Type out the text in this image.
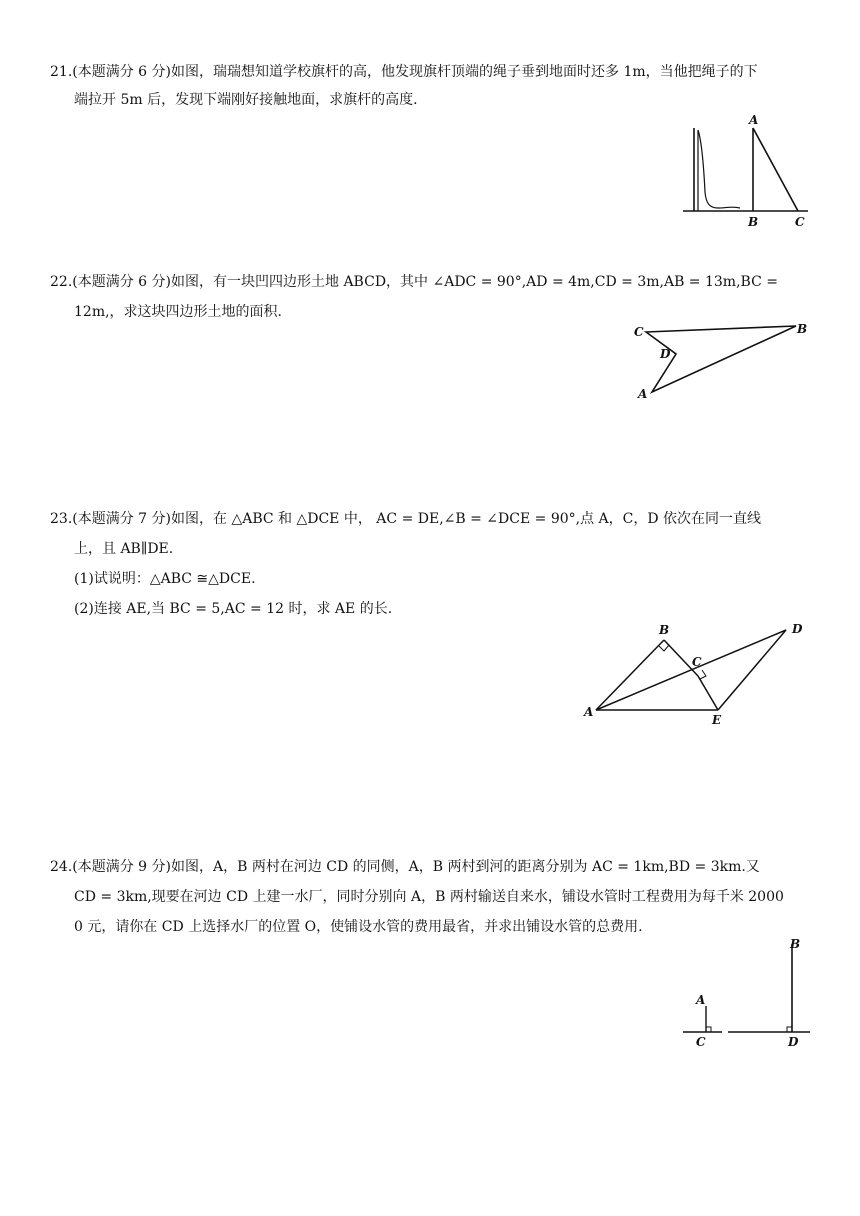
21.(本题满分 6 分)如图，瑞瑞想知道学校旗杆的高，他发现旗杆顶端的绳子垂到地面时还多 1m，当他把绳子的下
端拉开 5m 后，发现下端刚好接触地面，求旗杆的高度.
A
B	C
22.(本题满分 6 分)如图，有一块凹四边形土地 ABCD，其中 ∠ADC = 90°,AD = 4m,CD = 3m,AB = 13m,BC =
12m,，求这块四边形土地的面积.
C	B
D
A
23.(本题满分 7 分)如图，在 △ABC 和 △DCE 中， AC = DE,∠B = ∠DCE = 90°,点 A，C，D 依次在同一直线
上，且 AB∥DE.
(1)试说明：△ABC ≅△DCE.
(2)连接 AE,当 BC = 5,AC = 12 时，求 AE 的长.
B
C
D
A
E
24.(本题满分 9 分)如图，A，B 两村在河边 CD 的同侧，A，B 两村到河的距离分别为 AC = 1km,BD = 3km.又
CD = 3km,现要在河边 CD 上建一水厂，同时分别向 A，B 两村输送自来水，铺设水管时工程费用为每千米 2000
0 元，请你在 CD 上选择水厂的位置 O，使铺设水管的费用最省，并求出铺设水管的总费用.
B
A
C	D
